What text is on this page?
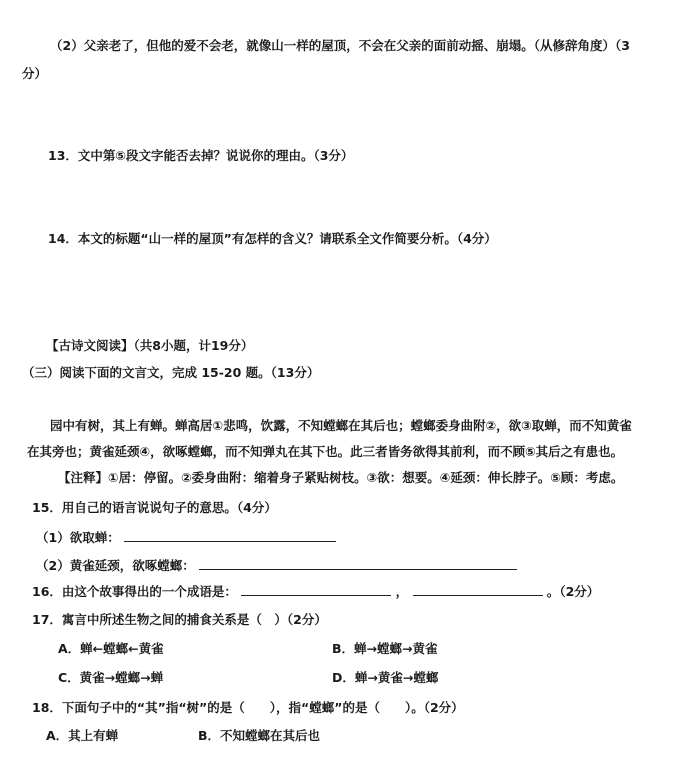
（2）父亲老了，但他的爱不会老，就像山一样的屋顶，不会在父亲的面前动摇、崩塌。（从修辞角度）（3
分）
13．文中第⑤段文字能否去掉？说说你的理由。（3分）
14．本文的标题“山一样的屋顶”有怎样的含义？请联系全文作简要分析。（4分）
【古诗文阅读】（共8小题，计19分）
（三）阅读下面的文言文，完成 15-20 题。（13分）
园中有树，其上有蝉。蝉高居①悲鸣，饮露，不知螳螂在其后也；螳螂委身曲附②，欲③取蝉，而不知黄雀
在其旁也；黄雀延颈④，欲啄螳螂，而不知弹丸在其下也。此三者皆务欲得其前利，而不顾⑤其后之有患也。
【注释】①居：停留。②委身曲附：缩着身子紧贴树枝。③欲：想要。④延颈：伸长脖子。⑤顾：考虑。
15．用自己的语言说说句子的意思。（4分）
（1）欲取蝉：
（2）黄雀延颈，欲啄螳螂：
16．由这个故事得出的一个成语是：	，	。（2分）
17．寓言中所述生物之间的捕食关系是（　）（2分）
A．蝉←螳螂←黄雀	B．蝉→螳螂→黄雀
C．黄雀→螳螂→蝉	D．蝉→黄雀→螳螂
18．下面句子中的“其”指“树”的是（　　），指“螳螂”的是（　　）。（2分）
A．其上有蝉	B．不知螳螂在其后也
